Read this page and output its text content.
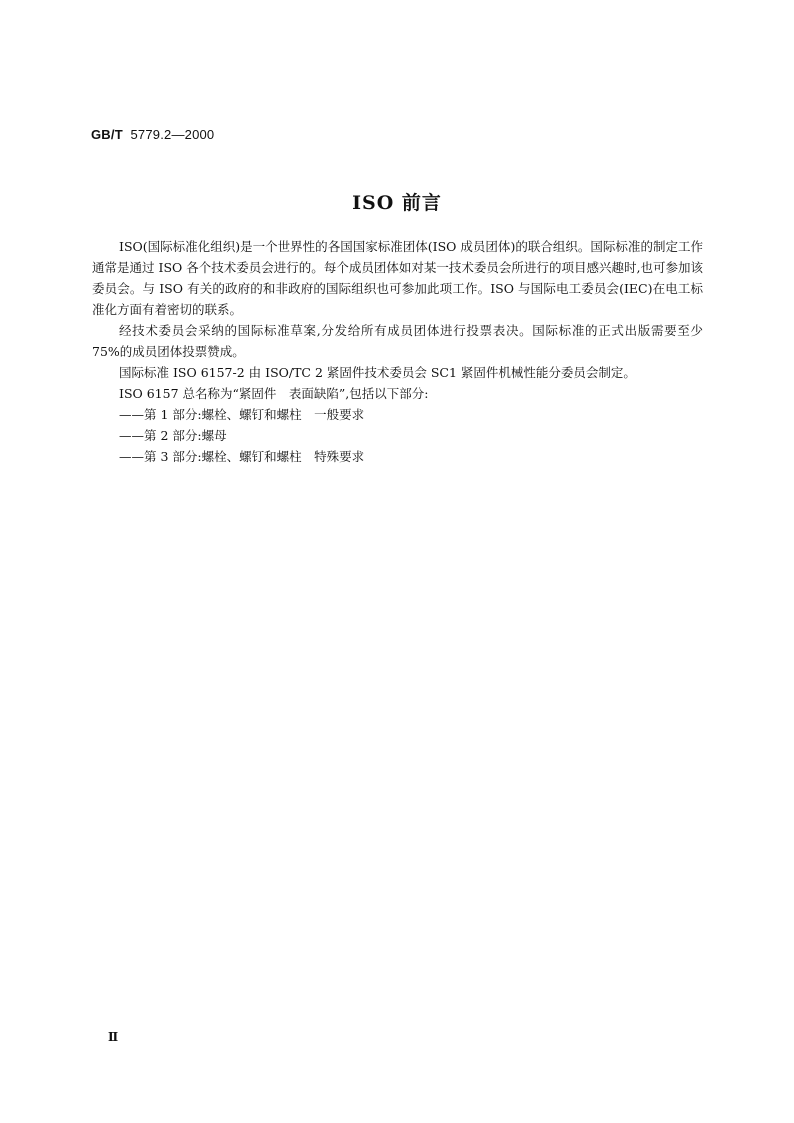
GB/T 5779.2—2000
ISO 前言

ISO(国际标准化组织)是一个世界性的各国国家标准团体(ISO 成员团体)的联合组织。国际标准的制定工作通常是通过 ISO 各个技术委员会进行的。每个成员团体如对某一技术委员会所进行的项目感兴趣时,也可参加该委员会。与 ISO 有关的政府的和非政府的国际组织也可参加此项工作。ISO 与国际电工委员会(IEC)在电工标准化方面有着密切的联系。

经技术委员会采纳的国际标准草案,分发给所有成员团体进行投票表决。国际标准的正式出版需要至少 75%的成员团体投票赞成。

国际标准 ISO 6157-2 由 ISO/TC 2 紧固件技术委员会 SC1 紧固件机械性能分委员会制定。

ISO 6157 总名称为“紧固件　表面缺陷”,包括以下部分:

——第 1 部分:螺栓、螺钉和螺柱　一般要求

——第 2 部分:螺母

——第 3 部分:螺栓、螺钉和螺柱　特殊要求

Ⅱ
